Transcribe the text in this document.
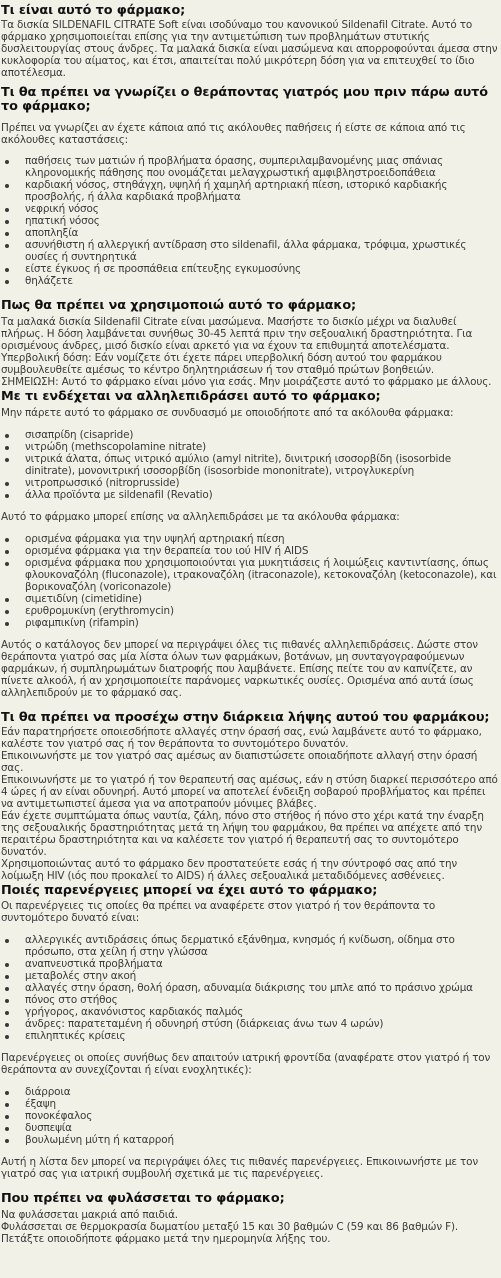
Τι είναι αυτό το φάρμακο;

Τα δισκία SILDENAFIL CITRATE Soft είναι ισοδύναμο του κανονικού Sildenafil Citrate. Αυτό το φάρμακο χρησιμοποιείται επίσης για την αντιμετώπιση των προβλημάτων στυτικής δυσλειτουργίας στους άνδρες. Τα μαλακά δισκία είναι μασώμενα και απορροφούνται άμεσα στην κυκλοφορία του αίματος, και έτσι, απαιτείται πολύ μικρότερη δόση για να επιτευχθεί το ίδιο αποτέλεσμα.

Τι θα πρέπει να γνωρίζει ο θεράποντας γιατρός μου πριν πάρω αυτό το φάρμακο;

Πρέπει να γνωρίζει αν έχετε κάποια από τις ακόλουθες παθήσεις ή είστε σε κάποια από τις ακόλουθες καταστάσεις:

παθήσεις των ματιών ή προβλήματα όρασης, συμπεριλαμβανομένης μιας σπάνιας κληρονομικής πάθησης που ονομάζεται μελαγχρωστική αμφιβληστροειδοπάθεια
καρδιακή νόσος, στηθάγχη, υψηλή ή χαμηλή αρτηριακή πίεση, ιστορικό καρδιακής προσβολής, ή άλλα καρδιακά προβλήματα
νεφρική νόσος
ηπατική νόσος
αποπληξία
ασυνήθιστη ή αλλεργική αντίδραση στο sildenafil, άλλα φάρμακα, τρόφιμα, χρωστικές ουσίες ή συντηρητικά
είστε έγκυος ή σε προσπάθεια επίτευξης εγκυμοσύνης
θηλάζετε
Πως θα πρέπει να χρησιμοποιώ αυτό το φάρμακο;

Τα μαλακά δισκία Sildenafil Citrate είναι μασώμενα. Μασήστε το δισκίο μέχρι να διαλυθεί πλήρως. Η δόση λαμβάνεται συνήθως 30-45 λεπτά πριν την σεξουαλική δραστηριότητα. Για ορισμένους άνδρες, μισό δισκίο είναι αρκετό για να έχουν τα επιθυμητά αποτελέσματα.

Υπερβολική δόση: Εάν νομίζετε ότι έχετε πάρει υπερβολική δόση αυτού του φαρμάκου συμβουλευθείτε αμέσως το κέντρο δηλητηριάσεων ή τον σταθμό πρώτων βοηθειών.

ΣΗΜΕΙΩΣΗ: Αυτό το φάρμακο είναι μόνο για εσάς. Μην μοιράζεστε αυτό το φάρμακο με άλλους.

Με τι ενδέχεται να αλληλεπιδράσει αυτό το φάρμακο;

Μην πάρετε αυτό το φάρμακο σε συνδυασμό με οποιοδήποτε από τα ακόλουθα φάρμακα:

σισαπρίδη (cisapride)
νιτρώδη (methscopolamine nitrate)
νιτρικά άλατα, όπως νιτρικό αμύλιο (amyl nitrite), δινιτρική ισοσορβίδη (isosorbide dinitrate), μονονιτρική ισοσορβίδη (isosorbide mononitrate), νιτρογλυκερίνη
νιτροπρωσσικό (nitroprusside)
άλλα προϊόντα με sildenafil (Revatio)

Αυτό το φάρμακο μπορεί επίσης να αλληλεπιδράσει με τα ακόλουθα φάρμακα:

ορισμένα φάρμακα για την υψηλή αρτηριακή πίεση
ορισμένα φάρμακα για την θεραπεία του ιού HIV ή AIDS
ορισμένα φάρμακα που χρησιμοποιούνται για μυκητιάσεις ή λοιμώξεις καντιντίασης, όπως φλουκοναζόλη (fluconazole), ιτρακοναζόλη (itraconazole), κετοκοναζόλη (ketoconazole), και βορικοναζόλη (voriconazole)
σιμετιδίνη (cimetidine)
ερυθρομυκίνη (erythromycin)
ριφαμπικίνη (rifampin)

Αυτός ο κατάλογος δεν μπορεί να περιγράψει όλες τις πιθανές αλληλεπιδράσεις. Δώστε στον θεράποντα γιατρό σας μία λίστα όλων των φαρμάκων, βοτάνων, μη συνταγογραφούμενων φαρμάκων, ή συμπληρωμάτων διατροφής που λαμβάνετε. Επίσης πείτε του αν καπνίζετε, αν πίνετε αλκοόλ, ή αν χρησιμοποιείτε παράνομες ναρκωτικές ουσίες. Ορισμένα από αυτά ίσως αλληλεπιδρούν με το φάρμακό σας.

Τι θα πρέπει να προσέχω στην διάρκεια λήψης αυτού του φαρμάκου;

Εάν παρατηρήσετε οποιεσδήποτε αλλαγές στην όρασή σας, ενώ λαμβάνετε αυτό το φάρμακο, καλέστε τον γιατρό σας ή τον θεράποντα το συντομότερο δυνατόν.

Επικοινωνήστε με τον γιατρό σας αμέσως αν διαπιστώσετε οποιαδήποτε αλλαγή στην όρασή σας.

Επικοινωνήστε με το γιατρό ή τον θεραπευτή σας αμέσως, εάν η στύση διαρκεί περισσότερο από 4 ώρες ή αν είναι οδυνηρή. Αυτό μπορεί να αποτελεί ένδειξη σοβαρού προβλήματος και πρέπει να αντιμετωπιστεί άμεσα για να αποτραπούν μόνιμες βλάβες.

Εάν έχετε συμπτώματα όπως ναυτία, ζάλη, πόνο στο στήθος ή πόνο στο χέρι κατά την έναρξη της σεξουαλικής δραστηριότητας μετά τη λήψη του φαρμάκου, θα πρέπει να απέχετε από την περαιτέρω δραστηριότητα και να καλέσετε τον γιατρό ή θεραπευτή σας το συντομότερο δυνατόν.

Χρησιμοποιώντας αυτό το φάρμακο δεν προστατεύετε εσάς ή την σύντροφό σας από την λοίμωξη HIV (ιός που προκαλεί το AIDS) ή άλλες σεξουαλικά μεταδιδόμενες ασθένειες.

Ποιές παρενέργειες μπορεί να έχει αυτό το φάρμακο;

Οι παρενέργειες τις οποίες θα πρέπει να αναφέρετε στον γιατρό ή τον θεράποντα το συντομότερο δυνατό είναι:

αλλεργικές αντιδράσεις όπως δερματικό εξάνθημα, κνησμός ή κνίδωση, οίδημα στο πρόσωπο, στα χείλη ή στην γλώσσα
αναπνευστικά προβλήματα
μεταβολές στην ακοή
αλλαγές στην όραση, θολή όραση, αδυναμία διάκρισης του μπλε από το πράσινο χρώμα
πόνος στο στήθος
γρήγορος, ακανόνιστος καρδιακός παλμός
άνδρες: παρατεταμένη ή οδυνηρή στύση (διάρκειας άνω των 4 ωρών)
επιληπτικές κρίσεις

Παρενέργειες οι οποίες συνήθως δεν απαιτούν ιατρική φροντίδα (αναφέρατε στον γιατρό ή τον θεράποντα αν συνεχίζονται ή είναι ενοχλητικές):

διάρροια
έξαψη
πονοκέφαλος
δυσπεψία
βουλωμένη μύτη ή καταρροή

Αυτή η λίστα δεν μπορεί να περιγράψει όλες τις πιθανές παρενέργειες. Επικοινωνήστε με τον γιατρό σας για ιατρική συμβουλή σχετικά με τις παρενέργειες.

Που πρέπει να φυλάσσεται το φάρμακο;

Να φυλάσσεται μακριά από παιδιά.

Φυλάσσεται σε θερμοκρασία δωματίου μεταξύ 15 και 30 βαθμών C (59 και 86 βαθμών F). Πετάξτε οποιοδήποτε φάρμακο μετά την ημερομηνία λήξης του.
